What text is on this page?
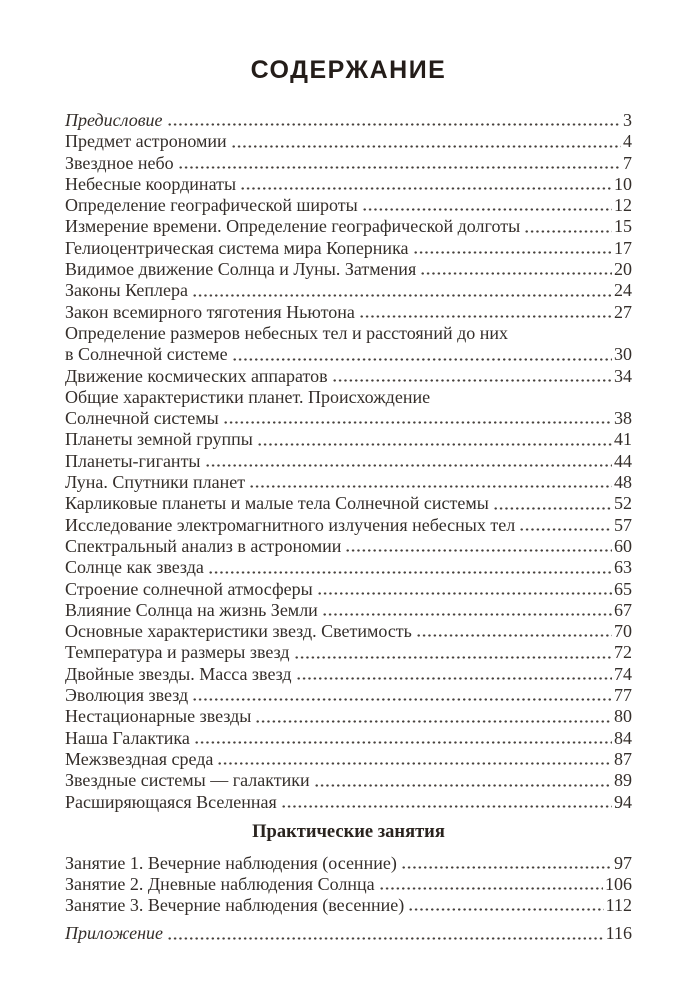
СОДЕРЖАНИЕ
Предисловие	3
Предмет астрономии	4
Звездное небо	7
Небесные координаты	10
Определение географической широты	12
Измерение времени. Определение географической долготы	15
Гелиоцентрическая система мира Коперника	17
Видимое движение Солнца и Луны. Затмения	20
Законы Кеплера	24
Закон всемирного тяготения Ньютона	27
Определение размеров небесных тел и расстояний до них
в Солнечной системе	30
Движение космических аппаратов	34
Общие характеристики планет. Происхождение
Солнечной системы	38
Планеты земной группы	41
Планеты-гиганты	44
Луна. Спутники планет	48
Карликовые планеты и малые тела Солнечной системы	52
Исследование электромагнитного излучения небесных тел	57
Спектральный анализ в астрономии	60
Солнце как звезда	63
Строение солнечной атмосферы	65
Влияние Солнца на жизнь Земли	67
Основные характеристики звезд. Светимость	70
Температура и размеры звезд	72
Двойные звезды. Масса звезд	74
Эволюция звезд	77
Нестационарные звезды	80
Наша Галактика	84
Межзвездная среда	87
Звездные системы — галактики	89
Расширяющаяся Вселенная	94
Практические занятия
Занятие 1. Вечерние наблюдения (осенние)	97
Занятие 2. Дневные наблюдения Солнца	106
Занятие 3. Вечерние наблюдения (весенние)	112
Приложение	116
